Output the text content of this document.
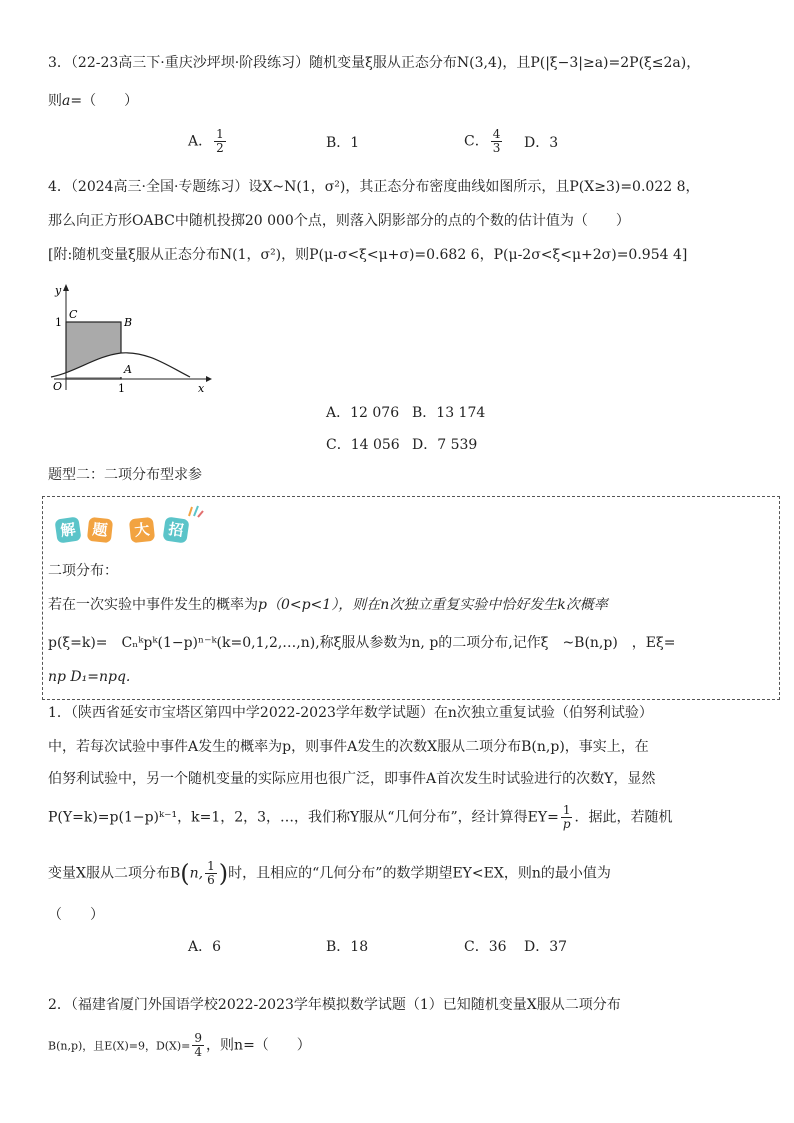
3．（22-23高三下·重庆沙坪坝·阶段练习）随机变量ξ服从正态分布N(3,4)，且P(|ξ−3|≥a)=2P(ξ≤2a)，
则a=（　　）
A． $\frac{1}{2}$	B．1	C． $\frac{4}{3}$ D．3
4．（2024高三·全国·专题练习）设X~N(1，σ²)，其正态分布密度曲线如图所示，且P(X≥3)=0.022 8，
那么向正方形OABC中随机投掷20 000个点，则落入阴影部分的点的个数的估计值为（　　）
[附:随机变量ξ服从正态分布N(1，σ²)，则P(μ-σ<ξ<μ+σ)=0.682 6，P(μ-2σ<ξ<μ+2σ)=0.954 4]
y
x
C
B
A
O
1
1
A．12 076 B．13 174
C．14 056 D．7 539
题型二：二项分布型求参
解 题	大	招
二项分布：
若在一次实验中事件发生的概率为p（0<p<1），则在n次独立重复实验中恰好发生k次概率
p(ξ=k)=　Cₙᵏpᵏ(1−p)ⁿ⁻ᵏ(k=0,1,2,…,n),称ξ服从参数为n, p的二项分布,记作ξ　~B(n,p)　，Eξ=
np D₁=npq.
1．（陕西省延安市宝塔区第四中学2022-2023学年数学试题）在n次独立重复试验（伯努利试验）
中，若每次试验中事件A发生的概率为p，则事件A发生的次数X服从二项分布B(n,p)，事实上，在
伯努利试验中，另一个随机变量的实际应用也很广泛，即事件A首次发生时试验进行的次数Y，显然
P(Y=k)=p(1−p)ᵏ⁻¹，k=1，2，3，…，我们称Y服从“几何分布”，经计算得$EY= \frac{1}{p}$ ．据此，若随机
变量X服从二项分布B(n, $\frac{1}{6}$ )时，且相应的“几何分布”的数学期望EY<EX，则n的最小值为
（　　）
A．6	B．18	C．36 D．37
2．（福建省厦门外国语学校2022-2023学年模拟数学试题（1）已知随机变量X服从二项分布
B(n,p)，且E(X)=9，$D(X)= \frac{9}{4}$ ，则n=（　　）
